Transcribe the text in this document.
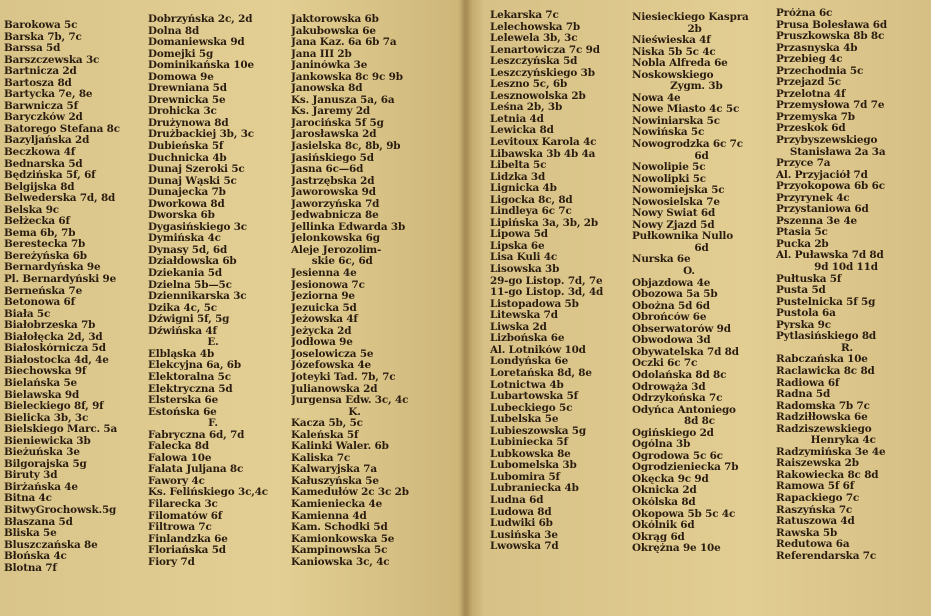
Barokowa 5c
Barska 7b, 7c
Barssa 5d
Barszczewska 3c
Bartnicza 2d
Bartosza 8d
Bartycka 7e, 8e
Barwnicza 5f
Baryczków 2d
Batorego Stefana 8c
Bazyljańska 2d
Beczkowa 4f
Bednarska 5d
Będzińska 5f, 6f
Belgijska 8d
Belwederska 7d, 8d
Belska 9c
Bełżecka 6f
Bema 6b, 7b
Berestecka 7b
Bereżyńska 6b
Bernardyńska 9e
Pl. Bernardyński 9e
Berneńska 7e
Betonowa 6f
Biała 5c
Białobrzeska 7b
Białołęcka 2d, 3d
Białoskórnicza 5d
Białostocka 4d, 4e
Biechowska 9f
Bielańska 5e
Bielawska 9d
Bieleckiego 8f, 9f
Bielicka 3b, 3c
Bielskiego Marc. 5a
Bieniewicka 3b
Bieżuńska 3e
Bilgorajska 5g
Biruty 3d
Birżańska 4e
Bitna 4c
BitwyGrochowsk.5g
Błaszana 5d
Bliska 5e
Bluszczańska 8e
Błońska 4c
Blotna 7f
Dobrzyńska 2c, 2d
Dolna 8d
Domaniewska 9d
Domejki 5g
Dominikańska 10e
Domowa 9e
Drewniana 5d
Drewnicka 5e
Drohicka 3c
Drużynowa 8d
Drużbackiej 3b, 3c
Dubieńska 5f
Duchnicka 4b
Dunaj Szeroki 5c
Dunaj Wąski 5c
Dunajecka 7b
Dworkowa 8d
Dworska 6b
Dygasińskiego 3c
Dymińska 4c
Dynasy 5d, 6d
Działdowska 6b
Dziekania 5d
Dzielna 5b—5c
Dziennikarska 3c
Dzika 4c, 5c
Dźwigni 5f, 5g
Dźwińska 4f
E.
Elbląska 4b
Elekcyjna 6a, 6b
Elektoralna 5c
Elektryczna 5d
Elsterska 6e
Estońska 6e
F.
Fabryczna 6d, 7d
Falecka 8d
Falowa 10e
Falata Juljana 8c
Fawory 4c
Ks. Felińskiego 3c,4c
Filarecka 3c
Filomatów 6f
Filtrowa 7c
Finlandzka 6e
Floriańska 5d
Fiory 7d
Jaktorowska 6b
Jakubowska 6e
Jana Kaz. 6a 6b 7a
Jana III 2b
Janinówka 3e
Jankowska 8c 9c 9b
Janowska 8d
Ks. Janusza 5a, 6a
Ks. Jaremy 2d
Jarocińska 5f 5g
Jarosławska 2d
Jasielska 8c, 8b, 9b
Jasińskiego 5d
Jasna 6c—6d
Jastrzębska 2d
Jaworowska 9d
Jaworzyńska 7d
Jedwabnicza 8e
Jellinka Edwarda 3b
Jelonkowska 6g
Aleje Jerozolim-
skie 6c, 6d
Jesienna 4e
Jesionowa 7c
Jeziorna 9e
Jezuicka 5d
Jeżowska 4f
Jeżycka 2d
Jodłowa 9e
Joselowicza 5e
Józefowska 4e
Joteyki Tad. 7b, 7c
Julianowska 2d
Jurgensa Edw. 3c, 4c
K.
Kacza 5b, 5c
Kaleńska 5f
Kalinki Waler. 6b
Kaliska 7c
Kalwaryjska 7a
Kałuszyńska 5e
Kamedułów 2c 3c 2b
Kamieniecka 4e
Kamienna 4d
Kam. Schodki 5d
Kamionkowska 5e
Kampinowska 5c
Kaniowska 3c, 4c
Lekarska 7c
Lelechowska 7b
Lelewela 3b, 3c
Lenartowicza 7c 9d
Leszczyńska 5d
Leszczyńskiego 3b
Leszno 5c, 6b
Lesznowolska 2b
Leśna 2b, 3b
Letnia 4d
Lewicka 8d
Levitoux Karola 4c
Libawska 3b 4b 4a
Libelta 5c
Lidzka 3d
Lignicka 4b
Ligocka 8c, 8d
Lindleya 6c 7c
Lipińska 3a, 3b, 2b
Lipowa 5d
Lipska 6e
Lisa Kuli 4c
Lisowska 3b
29-go Listop. 7d, 7e
11-go Listop. 3d, 4d
Listopadowa 5b
Litewska 7d
Liwska 2d
Lizbońska 6e
Al. Lotników 10d
Londyńska 6e
Loretańska 8d, 8e
Lotnictwa 4b
Lubartowska 5f
Lubeckiego 5c
Lubelska 5e
Lubieszowska 5g
Lubiniecka 5f
Lubkowska 8e
Lubomelska 3b
Lubomira 5f
Lubraniecka 4b
Ludna 6d
Ludowa 8d
Ludwiki 6b
Lusińska 3e
Lwowska 7d
Niesieckiego Kaspra
2b
Nieświeska 4f
Niska 5b 5c 4c
Nobla Alfreda 6e
Noskowskiego
Zygm. 3b
Nowa 4e
Nowe Miasto 4c 5c
Nowiniarska 5c
Nowińska 5c
Nowogrodzka 6c 7c
6d
Nowolipie 5c
Nowolipki 5c
Nowomiejska 5c
Nowosielska 7e
Nowy Świat 6d
Nowy Zjazd 5d
Pułkownika Nullo
6d
Nurska 6e
O.
Objazdowa 4e
Obozowa 5a 5b
Obożna 5d 6d
Obrońców 6e
Obserwatorów 9d
Obwodowa 3d
Obywatelska 7d 8d
Oczki 6c 7c
Odolańska 8d 8c
Odrowąża 3d
Odrzykońska 7c
Odyńca Antoniego
8d 8c
Ogińskiego 2d
Ogólna 3b
Ogrodowa 5c 6c
Ogrodzieniecka 7b
Okęcka 9c 9d
Oknicka 2d
Okólska 8d
Okopowa 5b 5c 4c
Okólnik 6d
Okrąg 6d
Okrężna 9e 10e
Próżna 6c
Prusa Bolesława 6d
Pruszkowska 8b 8c
Przasnyska 4b
Przebieg 4c
Przechodnia 5c
Przejazd 5c
Przelotna 4f
Przemysłowa 7d 7e
Przemyska 7b
Przeskok 6d
Przybyszewskiego
Stanisława 2a 3a
Przyce 7a
Al. Przyjaciół 7d
Przyokopowa 6b 6c
Przyrynek 4c
Przystaniowa 6d
Pszenna 3e 4e
Ptasia 5c
Pucka 2b
Al. Puławska 7d 8d
9d 10d 11d
Pułtuska 5f
Pusta 5d
Pustelnicka 5f 5g
Pustola 6a
Pyrska 9c
Pytlasińskiego 8d
R.
Rabczańska 10e
Raclawicka 8c 8d
Radiowa 6f
Radna 5d
Radomska 7b 7c
Radziłłowska 6e
Radziszewskiego
Henryka 4c
Radzymińska 3e 4e
Raiszewska 2b
Rakowiecka 8c 8d
Ramowa 5f 6f
Rapackiego 7c
Raszyńska 7c
Ratuszowa 4d
Rawska 5b
Redutowa 6a
Referendarska 7c
